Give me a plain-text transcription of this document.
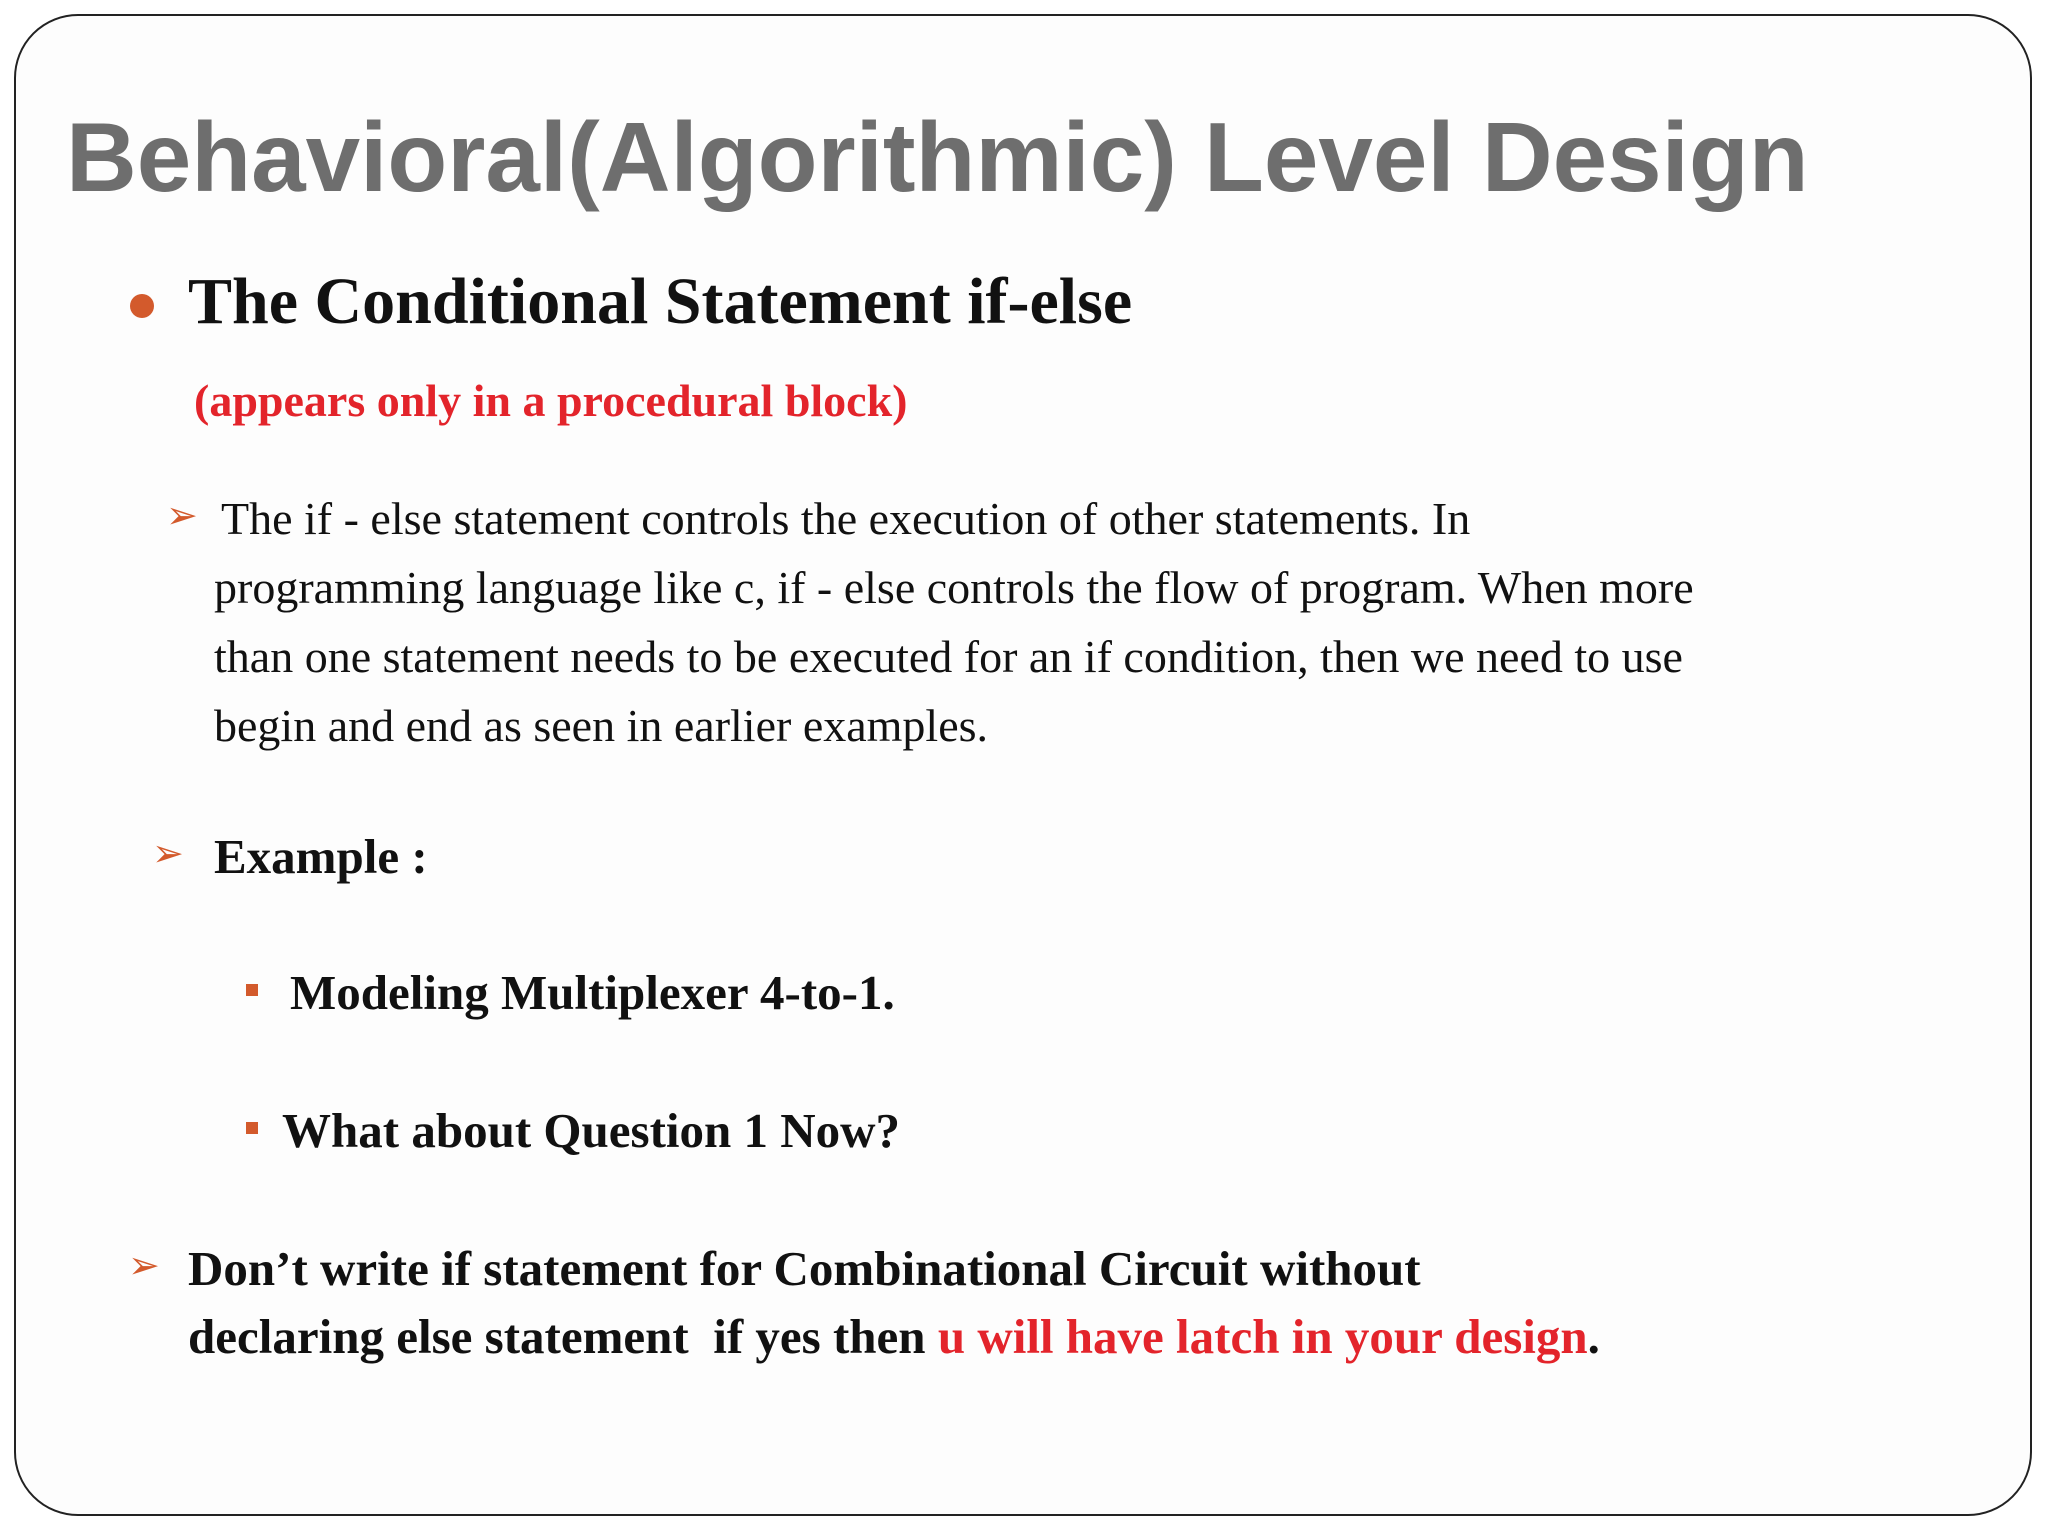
Behavioral(Algorithmic) Level Design
The Conditional Statement if-else
(appears only in a procedural block)
➢ The if - else statement controls the execution of other statements. In
programming language like c, if - else controls the flow of program. When more
than one statement needs to be executed for an if condition, then we need to use
begin and end as seen in earlier examples.
➢ Example :
Modeling Multiplexer 4-to-1.
What about Question 1 Now?
➢ Don’t write if statement for Combinational Circuit without
declaring else statement  if yes then u will have latch in your design.
